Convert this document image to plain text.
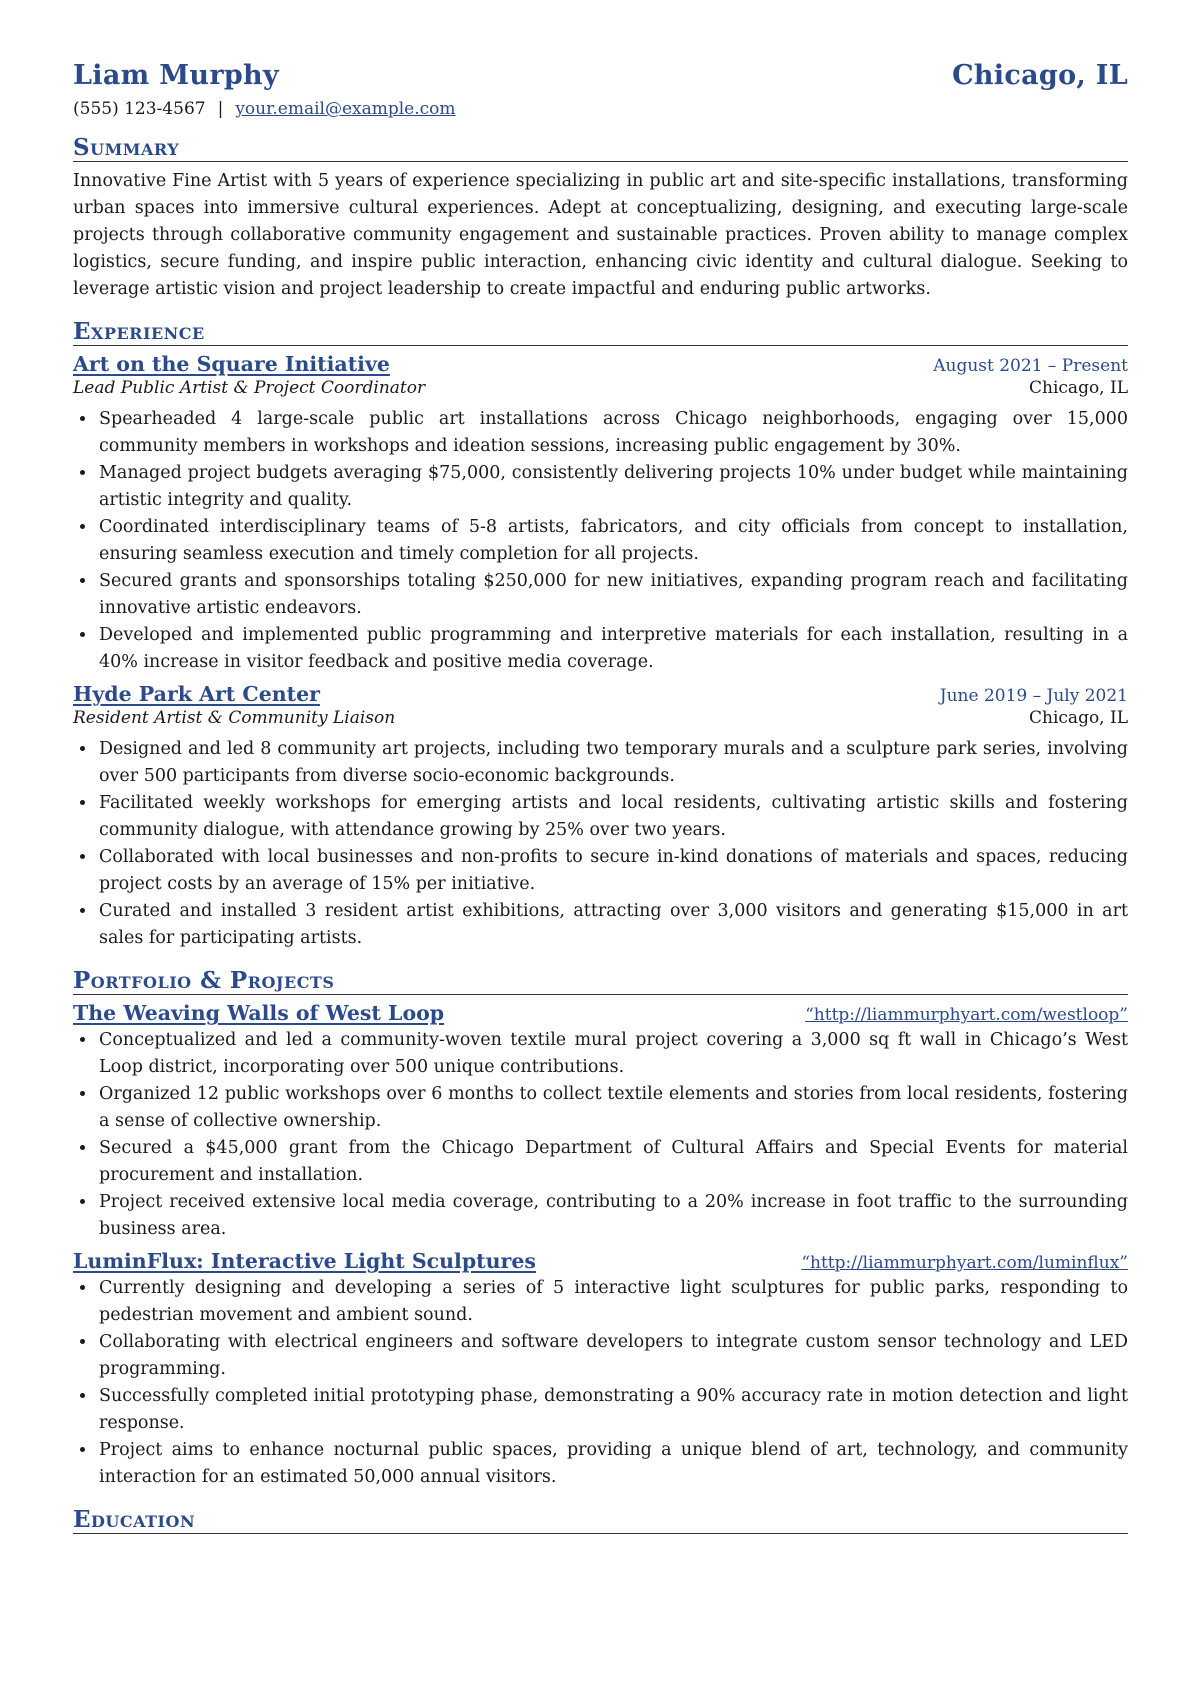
Liam Murphy	Chicago, IL
(555) 123-4567 | your.email@example.com
Summary
Innovative Fine Artist with 5 years of experience specializing in public art and site-specific installations, transforming urban spaces into immersive cultural experiences. Adept at conceptualizing, designing, and executing large-scale projects through collaborative community engagement and sustainable practices. Proven ability to manage complex logistics, secure funding, and inspire public interaction, enhancing civic identity and cultural dialogue. Seeking to leverage artistic vision and project leadership to create impactful and enduring public artworks.
Experience
Art on the Square Initiative	August 2021 – Present
Lead Public Artist & Project Coordinator	Chicago, IL
• Spearheaded 4 large-scale public art installations across Chicago neighborhoods, engaging over 15,000 community members in workshops and ideation sessions, increasing public engagement by 30%.
• Managed project budgets averaging $75,000, consistently delivering projects 10% under budget while maintaining artistic integrity and quality.
• Coordinated interdisciplinary teams of 5-8 artists, fabricators, and city officials from concept to installation, ensuring seamless execution and timely completion for all projects.
• Secured grants and sponsorships totaling $250,000 for new initiatives, expanding program reach and facilitating innovative artistic endeavors.
• Developed and implemented public programming and interpretive materials for each installation, resulting in a 40% increase in visitor feedback and positive media coverage.
Hyde Park Art Center	June 2019 – July 2021
Resident Artist & Community Liaison	Chicago, IL
• Designed and led 8 community art projects, including two temporary murals and a sculpture park series, involving over 500 participants from diverse socio-economic backgrounds.
• Facilitated weekly workshops for emerging artists and local residents, cultivating artistic skills and fostering community dialogue, with attendance growing by 25% over two years.
• Collaborated with local businesses and non-profits to secure in-kind donations of materials and spaces, reducing project costs by an average of 15% per initiative.
• Curated and installed 3 resident artist exhibitions, attracting over 3,000 visitors and generating $15,000 in art sales for participating artists.
Portfolio & Projects
The Weaving Walls of West Loop	“http://liammurphyart.com/westloop”
• Conceptualized and led a community-woven textile mural project covering a 3,000 sq ft wall in Chicago’s West Loop district, incorporating over 500 unique contributions.
• Organized 12 public workshops over 6 months to collect textile elements and stories from local residents, fostering a sense of collective ownership.
• Secured a $45,000 grant from the Chicago Department of Cultural Affairs and Special Events for material procurement and installation.
• Project received extensive local media coverage, contributing to a 20% increase in foot traffic to the surrounding business area.
LuminFlux: Interactive Light Sculptures	“http://liammurphyart.com/luminflux”
• Currently designing and developing a series of 5 interactive light sculptures for public parks, responding to pedestrian movement and ambient sound.
• Collaborating with electrical engineers and software developers to integrate custom sensor technology and LED programming.
• Successfully completed initial prototyping phase, demonstrating a 90% accuracy rate in motion detection and light response.
• Project aims to enhance nocturnal public spaces, providing a unique blend of art, technology, and community interaction for an estimated 50,000 annual visitors.
Education
